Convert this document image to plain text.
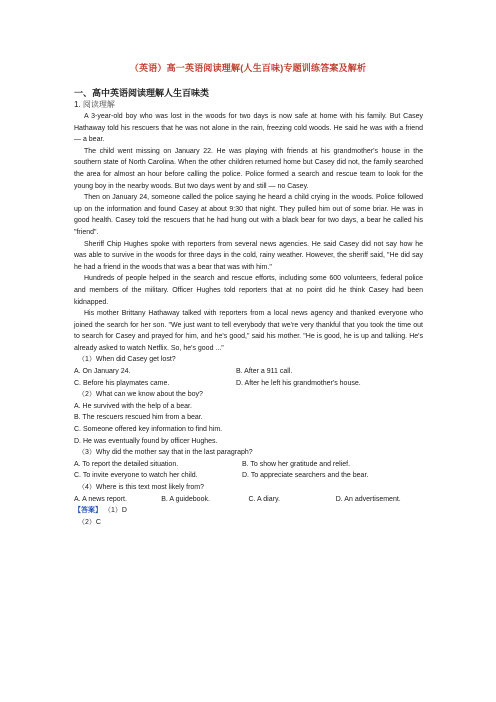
（英语）高一英语阅读理解(人生百味)专题训练答案及解析
一、高中英语阅读理解人生百味类
1. 阅读理解

A 3-year-old boy who was lost in the woods for two days is now safe at home with his family. But Casey Hathaway told his rescuers that he was not alone in the rain, freezing cold woods. He said he was with a friend — a bear.

The child went missing on January 22. He was playing with friends at his grandmother's house in the southern state of North Carolina. When the other children returned home but Casey did not, the family searched the area for almost an hour before calling the police. Police formed a search and rescue team to look for the young boy in the nearby woods. But two days went by and still — no Casey.

Then on January 24, someone called the police saying he heard a child crying in the woods. Police followed up on the information and found Casey at about 9:30 that night. They pulled him out of some briar. He was in good health. Casey told the rescuers that he had hung out with a black bear for two days, a bear he called his "friend".

Sheriff Chip Hughes spoke with reporters from several news agencies. He said Casey did not say how he was able to survive in the woods for three days in the cold, rainy weather. However, the sheriff said, "He did say he had a friend in the woods that was a bear that was with him."

Hundreds of people helped in the search and rescue efforts, including some 600 volunteers, federal police and members of the military. Officer Hughes told reporters that at no point did he think Casey had been kidnapped.

His mother Brittany Hathaway talked with reporters from a local news agency and thanked everyone who joined the search for her son. "We just want to tell everybody that we're very thankful that you took the time out to search for Casey and prayed for him, and he's good," said his mother. "He is good, he is up and talking. He's already asked to watch Netflix. So, he's good ..."

（1）When did Casey get lost?

A. On January 24.	B. After a 911 call.
C. Before his playmates came.	D. After he left his grandmother's house.

（2）What can we know about the boy?

A. He survived with the help of a bear.

B. The rescuers rescued him from a bear.

C. Someone offered key information to find him.

D. He was eventually found by officer Hughes.

（3）Why did the mother say that in the last paragraph?

A. To report the detailed situation.	B. To show her gratitude and relief.
C. To invite everyone to watch her child.	D. To appreciate searchers and the bear.

（4）Where is this text most likely from?

A. A news report.	B. A guidebook.	C. A diary.	D. An advertisement.

【答案】 （1）D

（2）C
